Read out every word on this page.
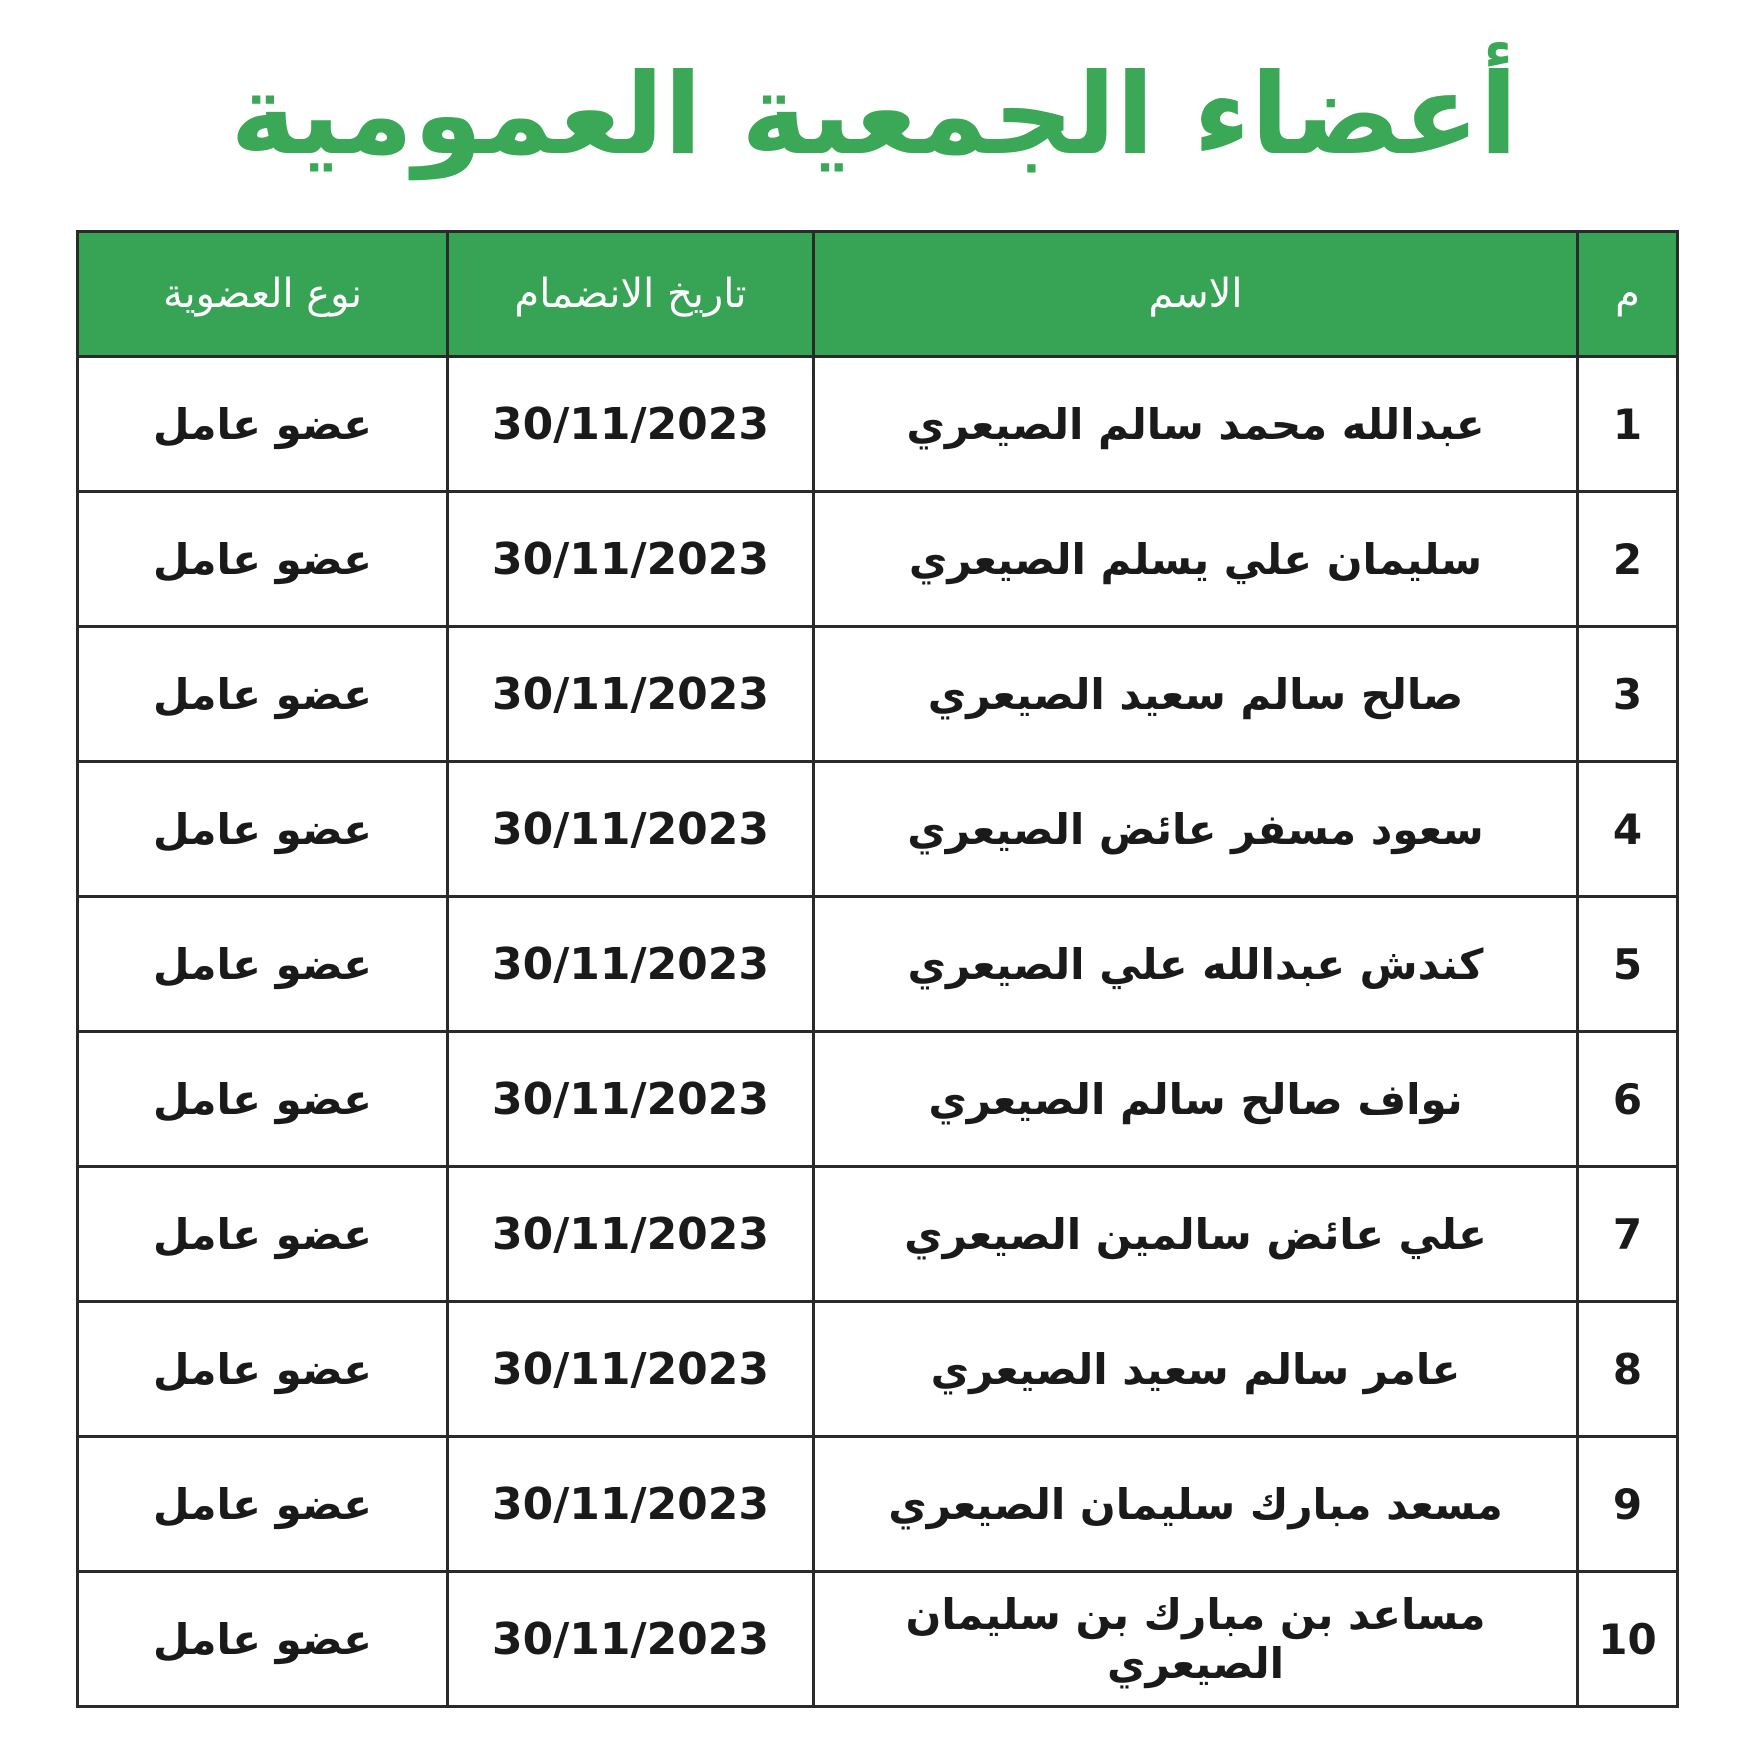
أعضاء الجمعية العمومية
م	الاسم	تاريخ الانضمام	نوع العضوية
1	عبدالله محمد سالم الصيعري	30/11/2023	عضو عامل
2	سليمان علي يسلم الصيعري	30/11/2023	عضو عامل
3	صالح سالم سعيد الصيعري	30/11/2023	عضو عامل
4	سعود مسفر عائض الصيعري	30/11/2023	عضو عامل
5	كندش عبدالله علي الصيعري	30/11/2023	عضو عامل
6	نواف صالح سالم الصيعري	30/11/2023	عضو عامل
7	علي عائض سالمين الصيعري	30/11/2023	عضو عامل
8	عامر سالم سعيد الصيعري	30/11/2023	عضو عامل
9	مسعد مبارك سليمان الصيعري	30/11/2023	عضو عامل
10	مساعد بن مبارك بن سليمان الصيعري	30/11/2023	عضو عامل
